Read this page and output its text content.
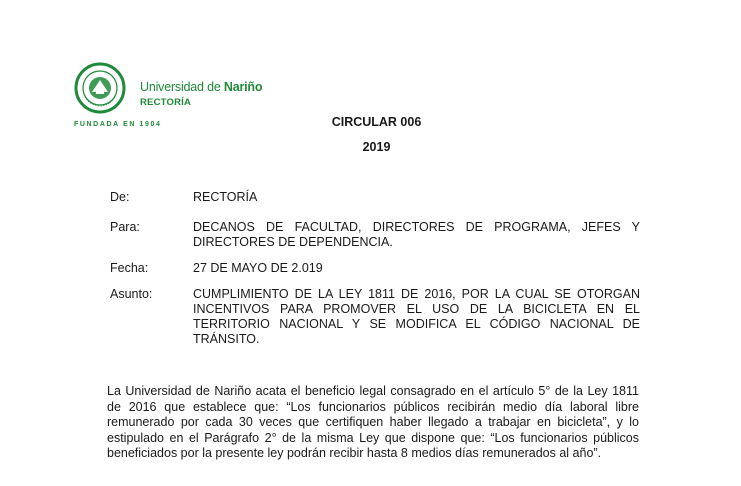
Universidad de Nariño
RECTORÍA
FUNDADA EN 1904	CIRCULAR 006
2019
De:	RECTORÍA
Para:	DECANOS DE FACULTAD, DIRECTORES DE PROGRAMA, JEFES Y DIRECTORES DE DEPENDENCIA.
Fecha:	27 DE MAYO DE 2.019
Asunto:	CUMPLIMIENTO DE LA LEY 1811 DE 2016, POR LA CUAL SE OTORGAN INCENTIVOS PARA PROMOVER EL USO DE LA BICICLETA EN EL TERRITORIO NACIONAL Y SE MODIFICA EL CÓDIGO NACIONAL DE TRÁNSITO.
La Universidad de Nariño acata el beneficio legal consagrado en el artículo 5° de la Ley 1811 de 2016 que establece que: “Los funcionarios públicos recibirán medio día laboral libre remunerado por cada 30 veces que certifiquen haber llegado a trabajar en bicicleta”, y lo estipulado en el Parágrafo 2° de la misma Ley que dispone que: “Los funcionarios públicos beneficiados por la presente ley podrán recibir hasta 8 medios días remunerados al año”.
